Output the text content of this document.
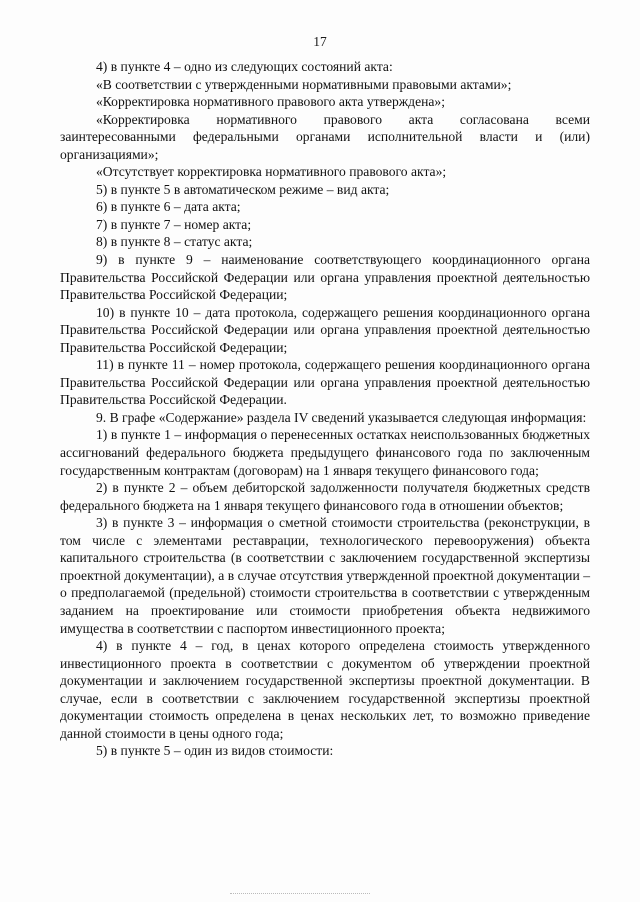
17

4) в пункте 4 – одно из следующих состояний акта:

«В соответствии с утвержденными нормативными правовыми актами»;

«Корректировка нормативного правового акта утверждена»;

«Корректировка нормативного правового акта согласована всеми заинтересованными федеральными органами исполнительной власти и (или) организациями»;

«Отсутствует корректировка нормативного правового акта»;

5) в пункте 5 в автоматическом режиме – вид акта;

6) в пункте 6 – дата акта;

7) в пункте 7 – номер акта;

8) в пункте 8 – статус акта;

9) в пункте 9 – наименование соответствующего координационного органа Правительства Российской Федерации или органа управления проектной деятельностью Правительства Российской Федерации;

10) в пункте 10 – дата протокола, содержащего решения координационного органа Правительства Российской Федерации или органа управления проектной деятельностью Правительства Российской Федерации;

11) в пункте 11 – номер протокола, содержащего решения координационного органа Правительства Российской Федерации или органа управления проектной деятельностью Правительства Российской Федерации.

9. В графе «Содержание» раздела IV сведений указывается следующая информация:

1) в пункте 1 – информация о перенесенных остатках неиспользованных бюджетных ассигнований федерального бюджета предыдущего финансового года по заключенным государственным контрактам (договорам) на 1 января текущего финансового года;

2) в пункте 2 – объем дебиторской задолженности получателя бюджетных средств федерального бюджета на 1 января текущего финансового года в отношении объектов;

3) в пункте 3 – информация о сметной стоимости строительства (реконструкции, в том числе с элементами реставрации, технологического перевооружения) объекта капитального строительства (в соответствии с заключением государственной экспертизы проектной документации), а в случае отсутствия утвержденной проектной документации – о предполагаемой (предельной) стоимости строительства в соответствии с утвержденным заданием на проектирование или стоимости приобретения объекта недвижимого имущества в соответствии с паспортом инвестиционного проекта;

4) в пункте 4 – год, в ценах которого определена стоимость утвержденного инвестиционного проекта в соответствии с документом об утверждении проектной документации и заключением государственной экспертизы проектной документации. В случае, если в соответствии с заключением государственной экспертизы проектной документации стоимость определена в ценах нескольких лет, то возможно приведение данной стоимости в цены одного года;

5) в пункте 5 – один из видов стоимости:
